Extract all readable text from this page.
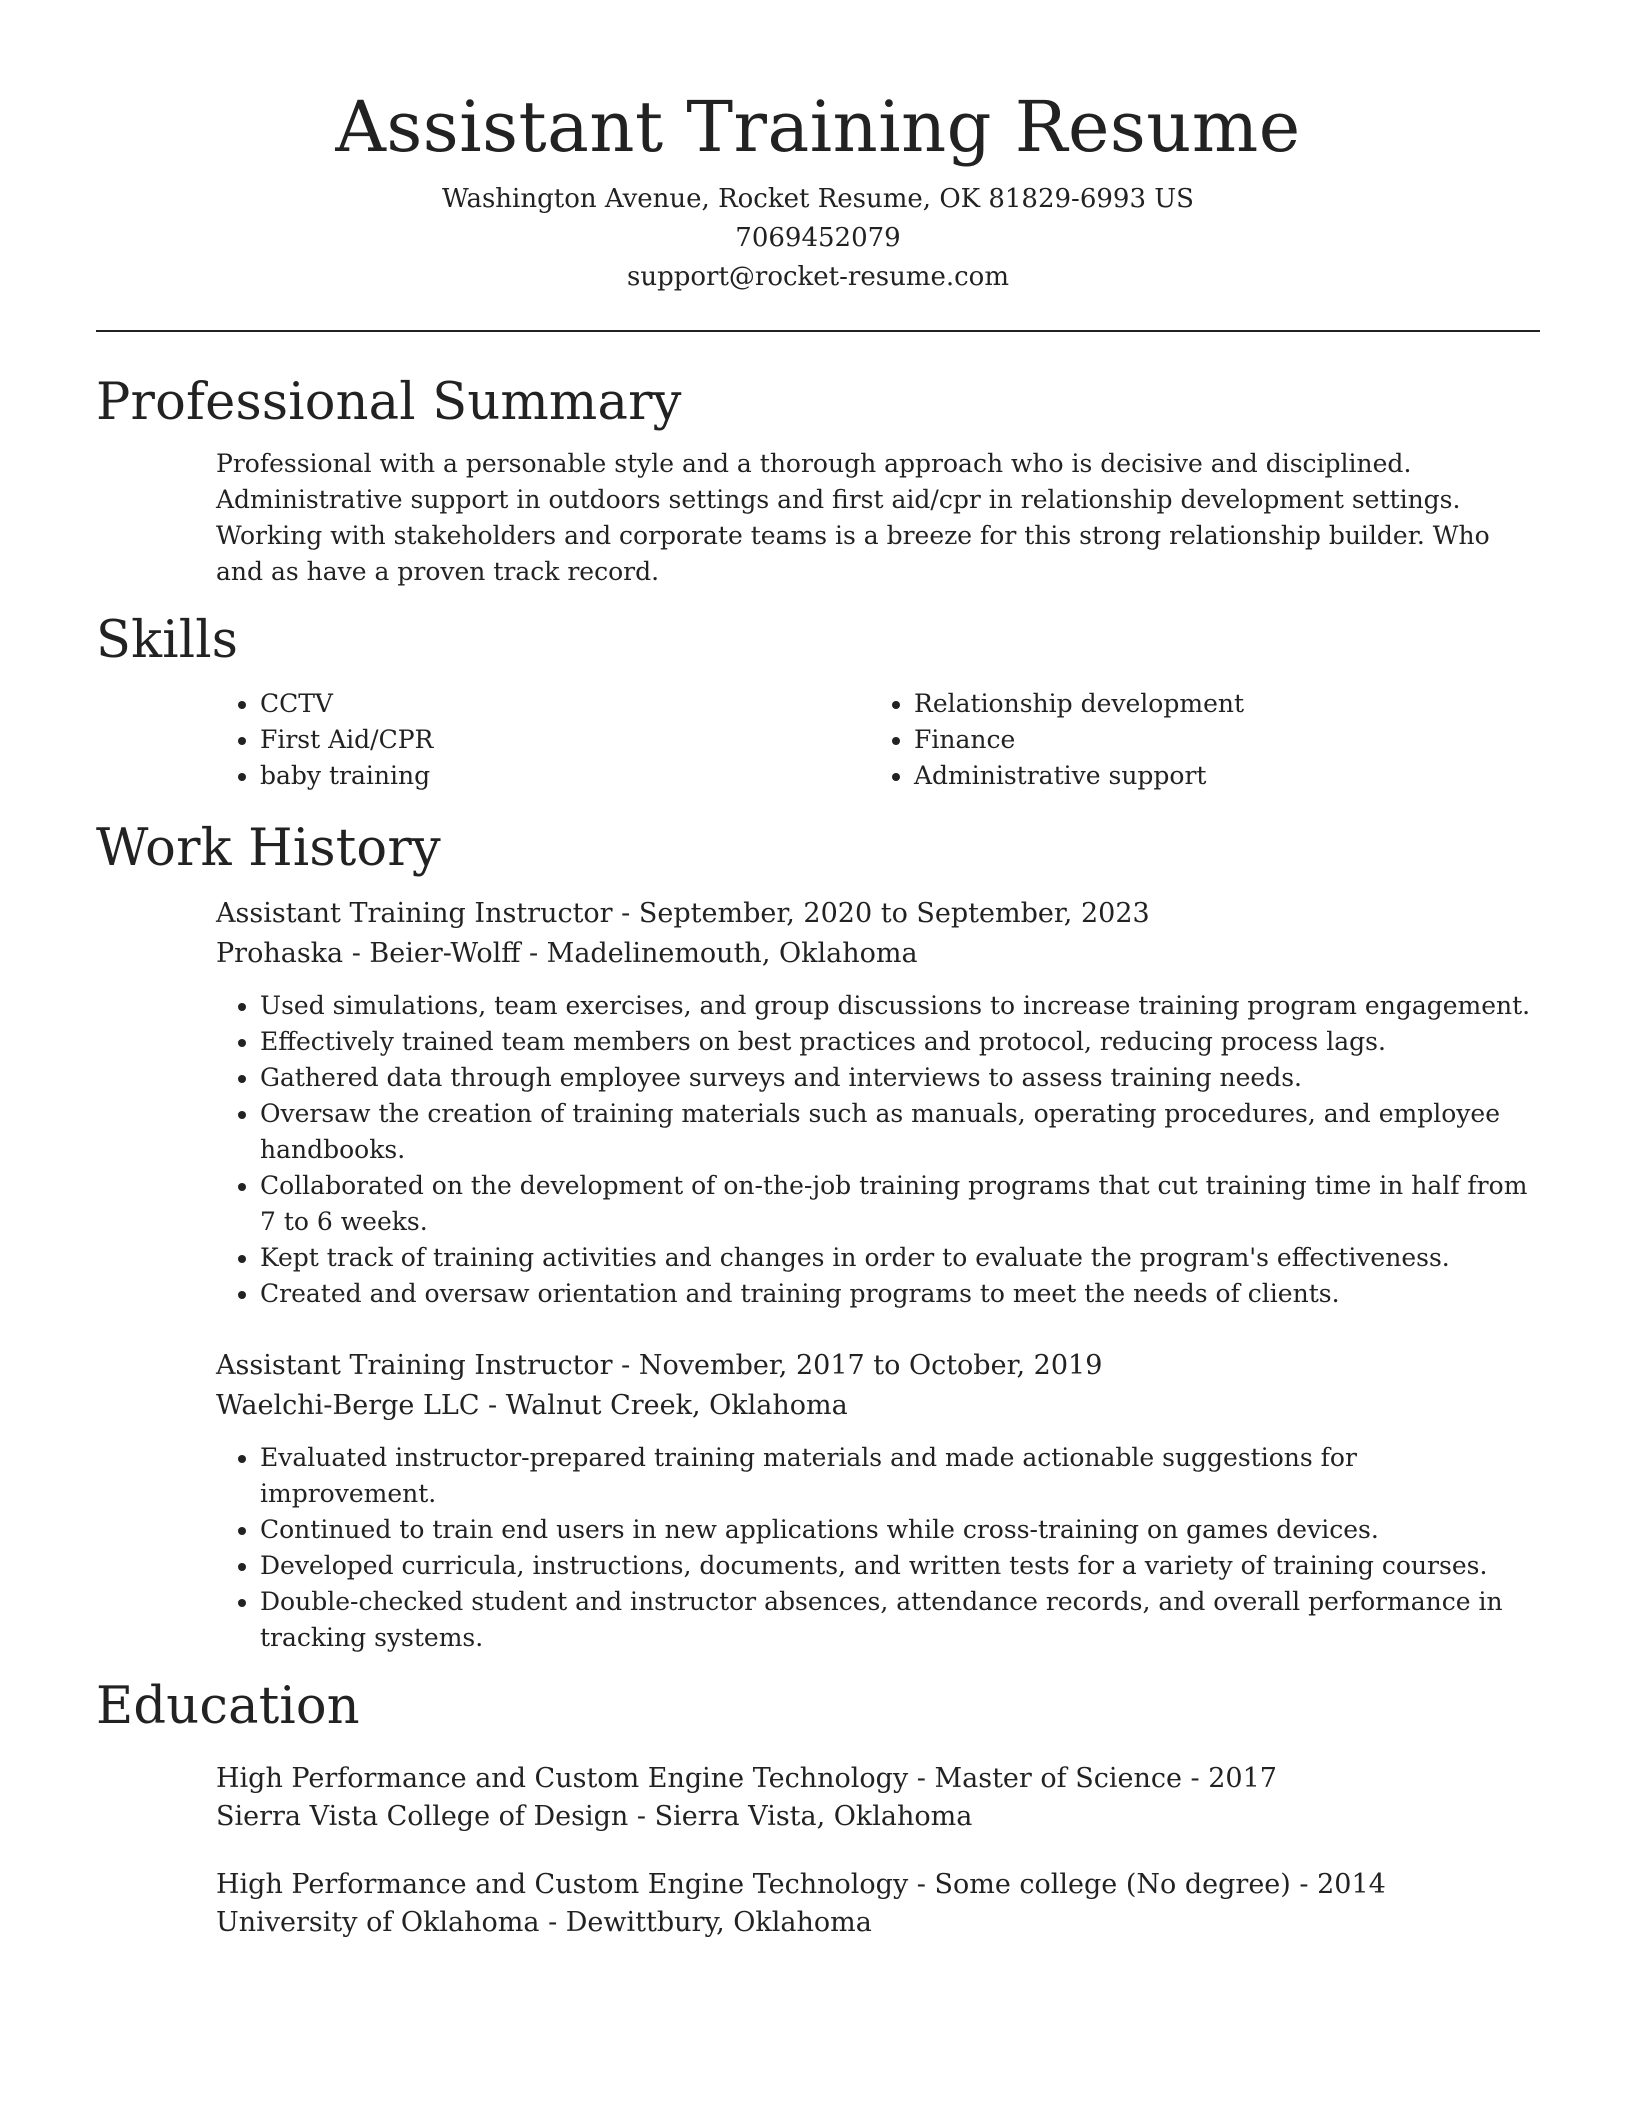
Assistant Training Resume
Washington Avenue, Rocket Resume, OK 81829-6993 US
7069452079
support@rocket-resume.com
Professional Summary
Professional with a personable style and a thorough approach who is decisive and disciplined. Administrative support in outdoors settings and first aid/cpr in relationship development settings. Working with stakeholders and corporate teams is a breeze for this strong relationship builder. Who and as have a proven track record.
Skills
• CCTV
• First Aid/CPR
• baby training
• Relationship development
• Finance
• Administrative support
Work History
Assistant Training Instructor - September, 2020 to September, 2023
Prohaska - Beier-Wolff - Madelinemouth, Oklahoma
• Used simulations, team exercises, and group discussions to increase training program engagement.
• Effectively trained team members on best practices and protocol, reducing process lags.
• Gathered data through employee surveys and interviews to assess training needs.
• Oversaw the creation of training materials such as manuals, operating procedures, and employee handbooks.
• Collaborated on the development of on-the-job training programs that cut training time in half from 7 to 6 weeks.
• Kept track of training activities and changes in order to evaluate the program's effectiveness.
• Created and oversaw orientation and training programs to meet the needs of clients.
Assistant Training Instructor - November, 2017 to October, 2019
Waelchi-Berge LLC - Walnut Creek, Oklahoma
• Evaluated instructor-prepared training materials and made actionable suggestions for improvement.
• Continued to train end users in new applications while cross-training on games devices.
• Developed curricula, instructions, documents, and written tests for a variety of training courses.
• Double-checked student and instructor absences, attendance records, and overall performance in tracking systems.
Education
High Performance and Custom Engine Technology - Master of Science - 2017
Sierra Vista College of Design - Sierra Vista, Oklahoma
High Performance and Custom Engine Technology - Some college (No degree) - 2014
University of Oklahoma - Dewittbury, Oklahoma
